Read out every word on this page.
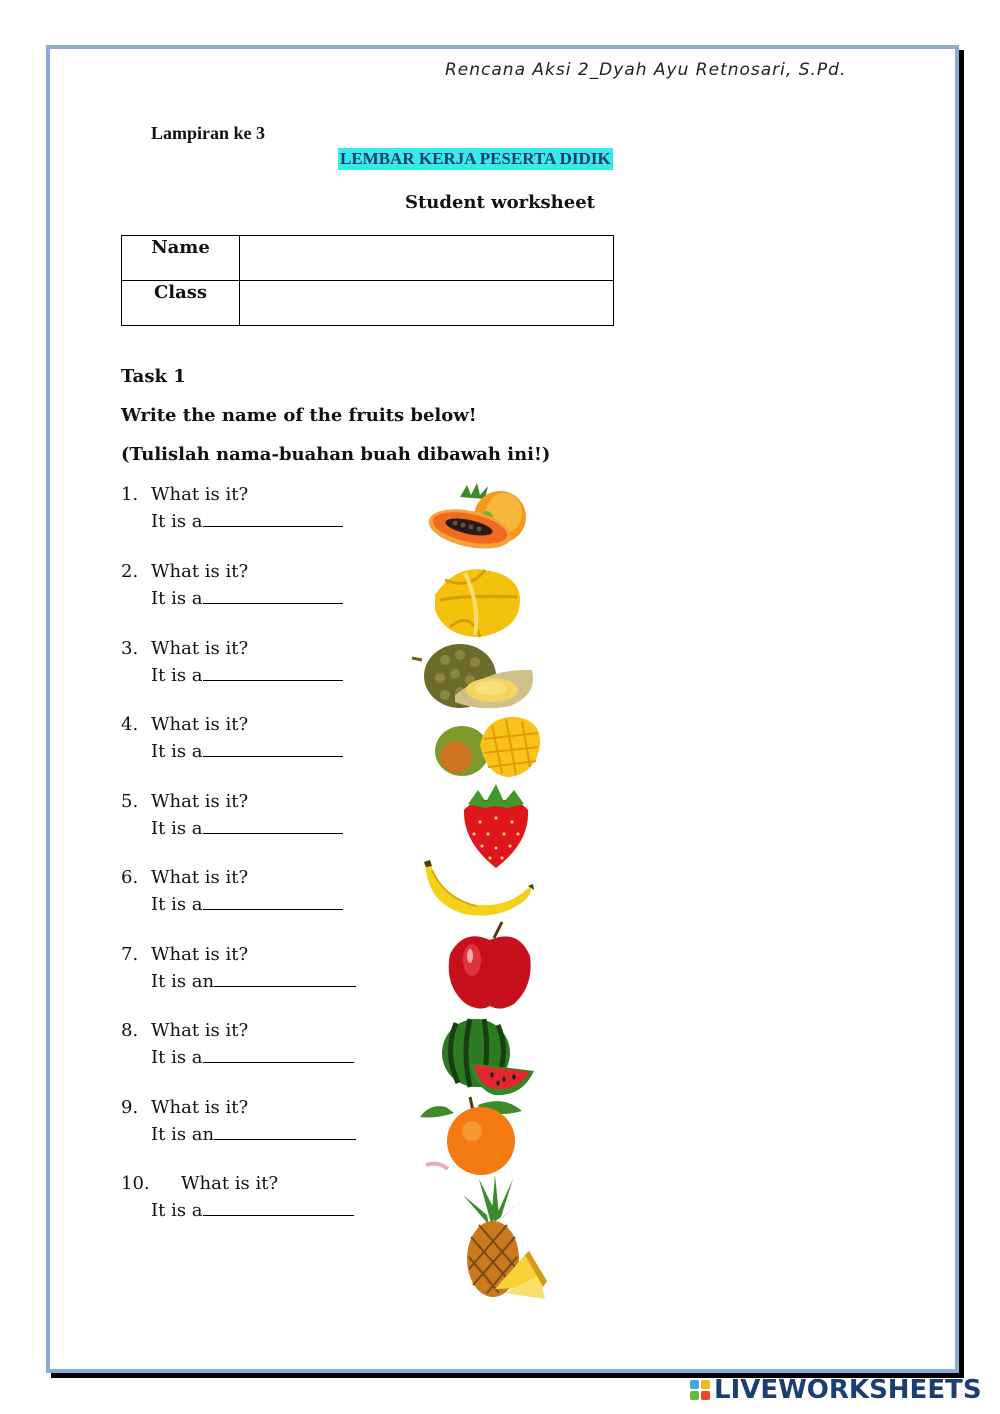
Rencana Aksi 2_Dyah Ayu Retnosari, S.Pd.
Lampiran ke 3
LEMBAR KERJA PESERTA DIDIK
Student worksheet
Name	
Class	
Task 1
Write the name of the fruits below!
(Tulislah nama-buahan buah dibawah ini!)
1. What is it?
It is a
2. What is it?
It is a
3. What is it?
It is a
4. What is it?
It is a
5. What is it?
It is a
6. What is it?
It is a
7. What is it?
It is an
8. What is it?
It is a
9. What is it?
It is an
10. What is it?
It is a
LIVEWORKSHEETS
